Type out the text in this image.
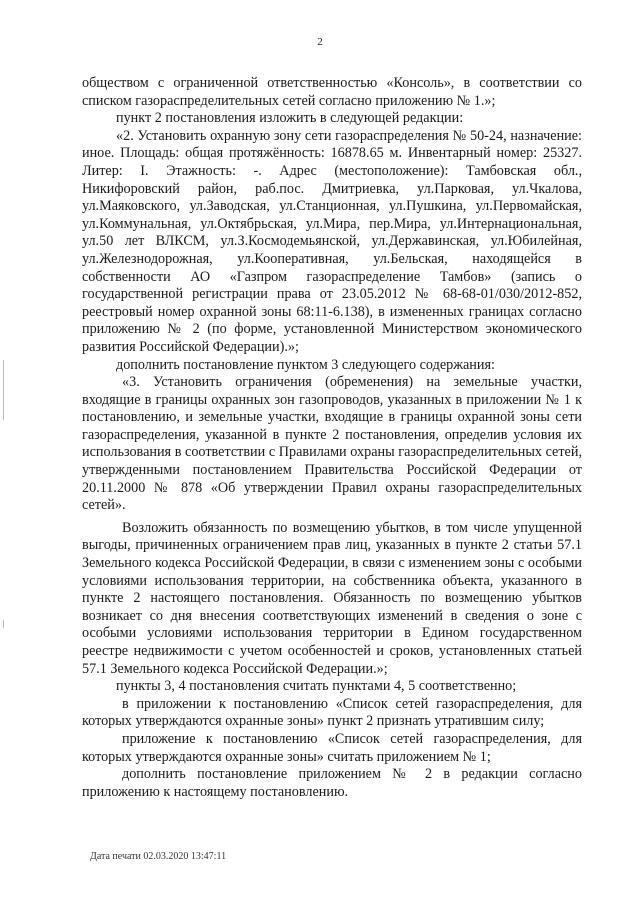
2

обществом с ограниченной ответственностью «Консоль», в соответствии со списком газораспределительных сетей согласно приложению № 1.»;

пункт 2 постановления изложить в следующей редакции:

«2. Установить охранную зону сети газораспределения № 50-24, назначение: иное. Площадь: общая протяжённость: 16878.65 м. Инвентарный номер: 25327. Литер: I. Этажность: -. Адрес (местоположение): Тамбовская обл., Никифоровский район, раб.пос. Дмитриевка, ул.Парковая, ул.Чкалова, ул.Маяковского, ул.Заводская, ул.Станционная, ул.Пушкина, ул.Первомайская, ул.Коммунальная, ул.Октябрьская, ул.Мира, пер.Мира, ул.Интернациональная, ул.50 лет ВЛКСМ, ул.З.Космодемьянской, ул.Державинская, ул.Юбилейная, ул.Железнодорожная, ул.Кооперативная, ул.Бельская, находящейся в собственности АО «Газпром газораспределение Тамбов» (запись о государственной регистрации права от 23.05.2012 № 68-68-01/030/2012-852, реестровый номер охранной зоны 68:11-6.138), в измененных границах согласно приложению № 2 (по форме, установленной Министерством экономического развития Российской Федерации).»;

дополнить постановление пунктом 3 следующего содержания:

«3. Установить ограничения (обременения) на земельные участки, входящие в границы охранных зон газопроводов, указанных в приложении № 1 к постановлению, и земельные участки, входящие в границы охранной зоны сети газораспределения, указанной в пункте 2 постановления, определив условия их использования в соответствии с Правилами охраны газораспределительных сетей, утвержденными постановлением Правительства Российской Федерации от 20.11.2000 № 878 «Об утверждении Правил охраны газораспределительных сетей».

Возложить обязанность по возмещению убытков, в том числе упущенной выгоды, причиненных ограничением прав лиц, указанных в пункте 2 статьи 57.1 Земельного кодекса Российской Федерации, в связи с изменением зоны с особыми условиями использования территории, на собственника объекта, указанного в пункте 2 настоящего постановления. Обязанность по возмещению убытков возникает со дня внесения соответствующих изменений в сведения о зоне с особыми условиями использования территории в Едином государственном реестре недвижимости с учетом особенностей и сроков, установленных статьей 57.1 Земельного кодекса Российской Федерации.»;

пункты 3, 4 постановления считать пунктами 4, 5 соответственно;

в приложении к постановлению «Список сетей газораспределения, для которых утверждаются охранные зоны» пункт 2 признать утратившим силу;

приложение к постановлению «Список сетей газораспределения, для которых утверждаются охранные зоны» считать приложением № 1;

дополнить постановление приложением № 2 в редакции согласно приложению к настоящему постановлению.

Дата печати 02.03.2020 13:47:11
